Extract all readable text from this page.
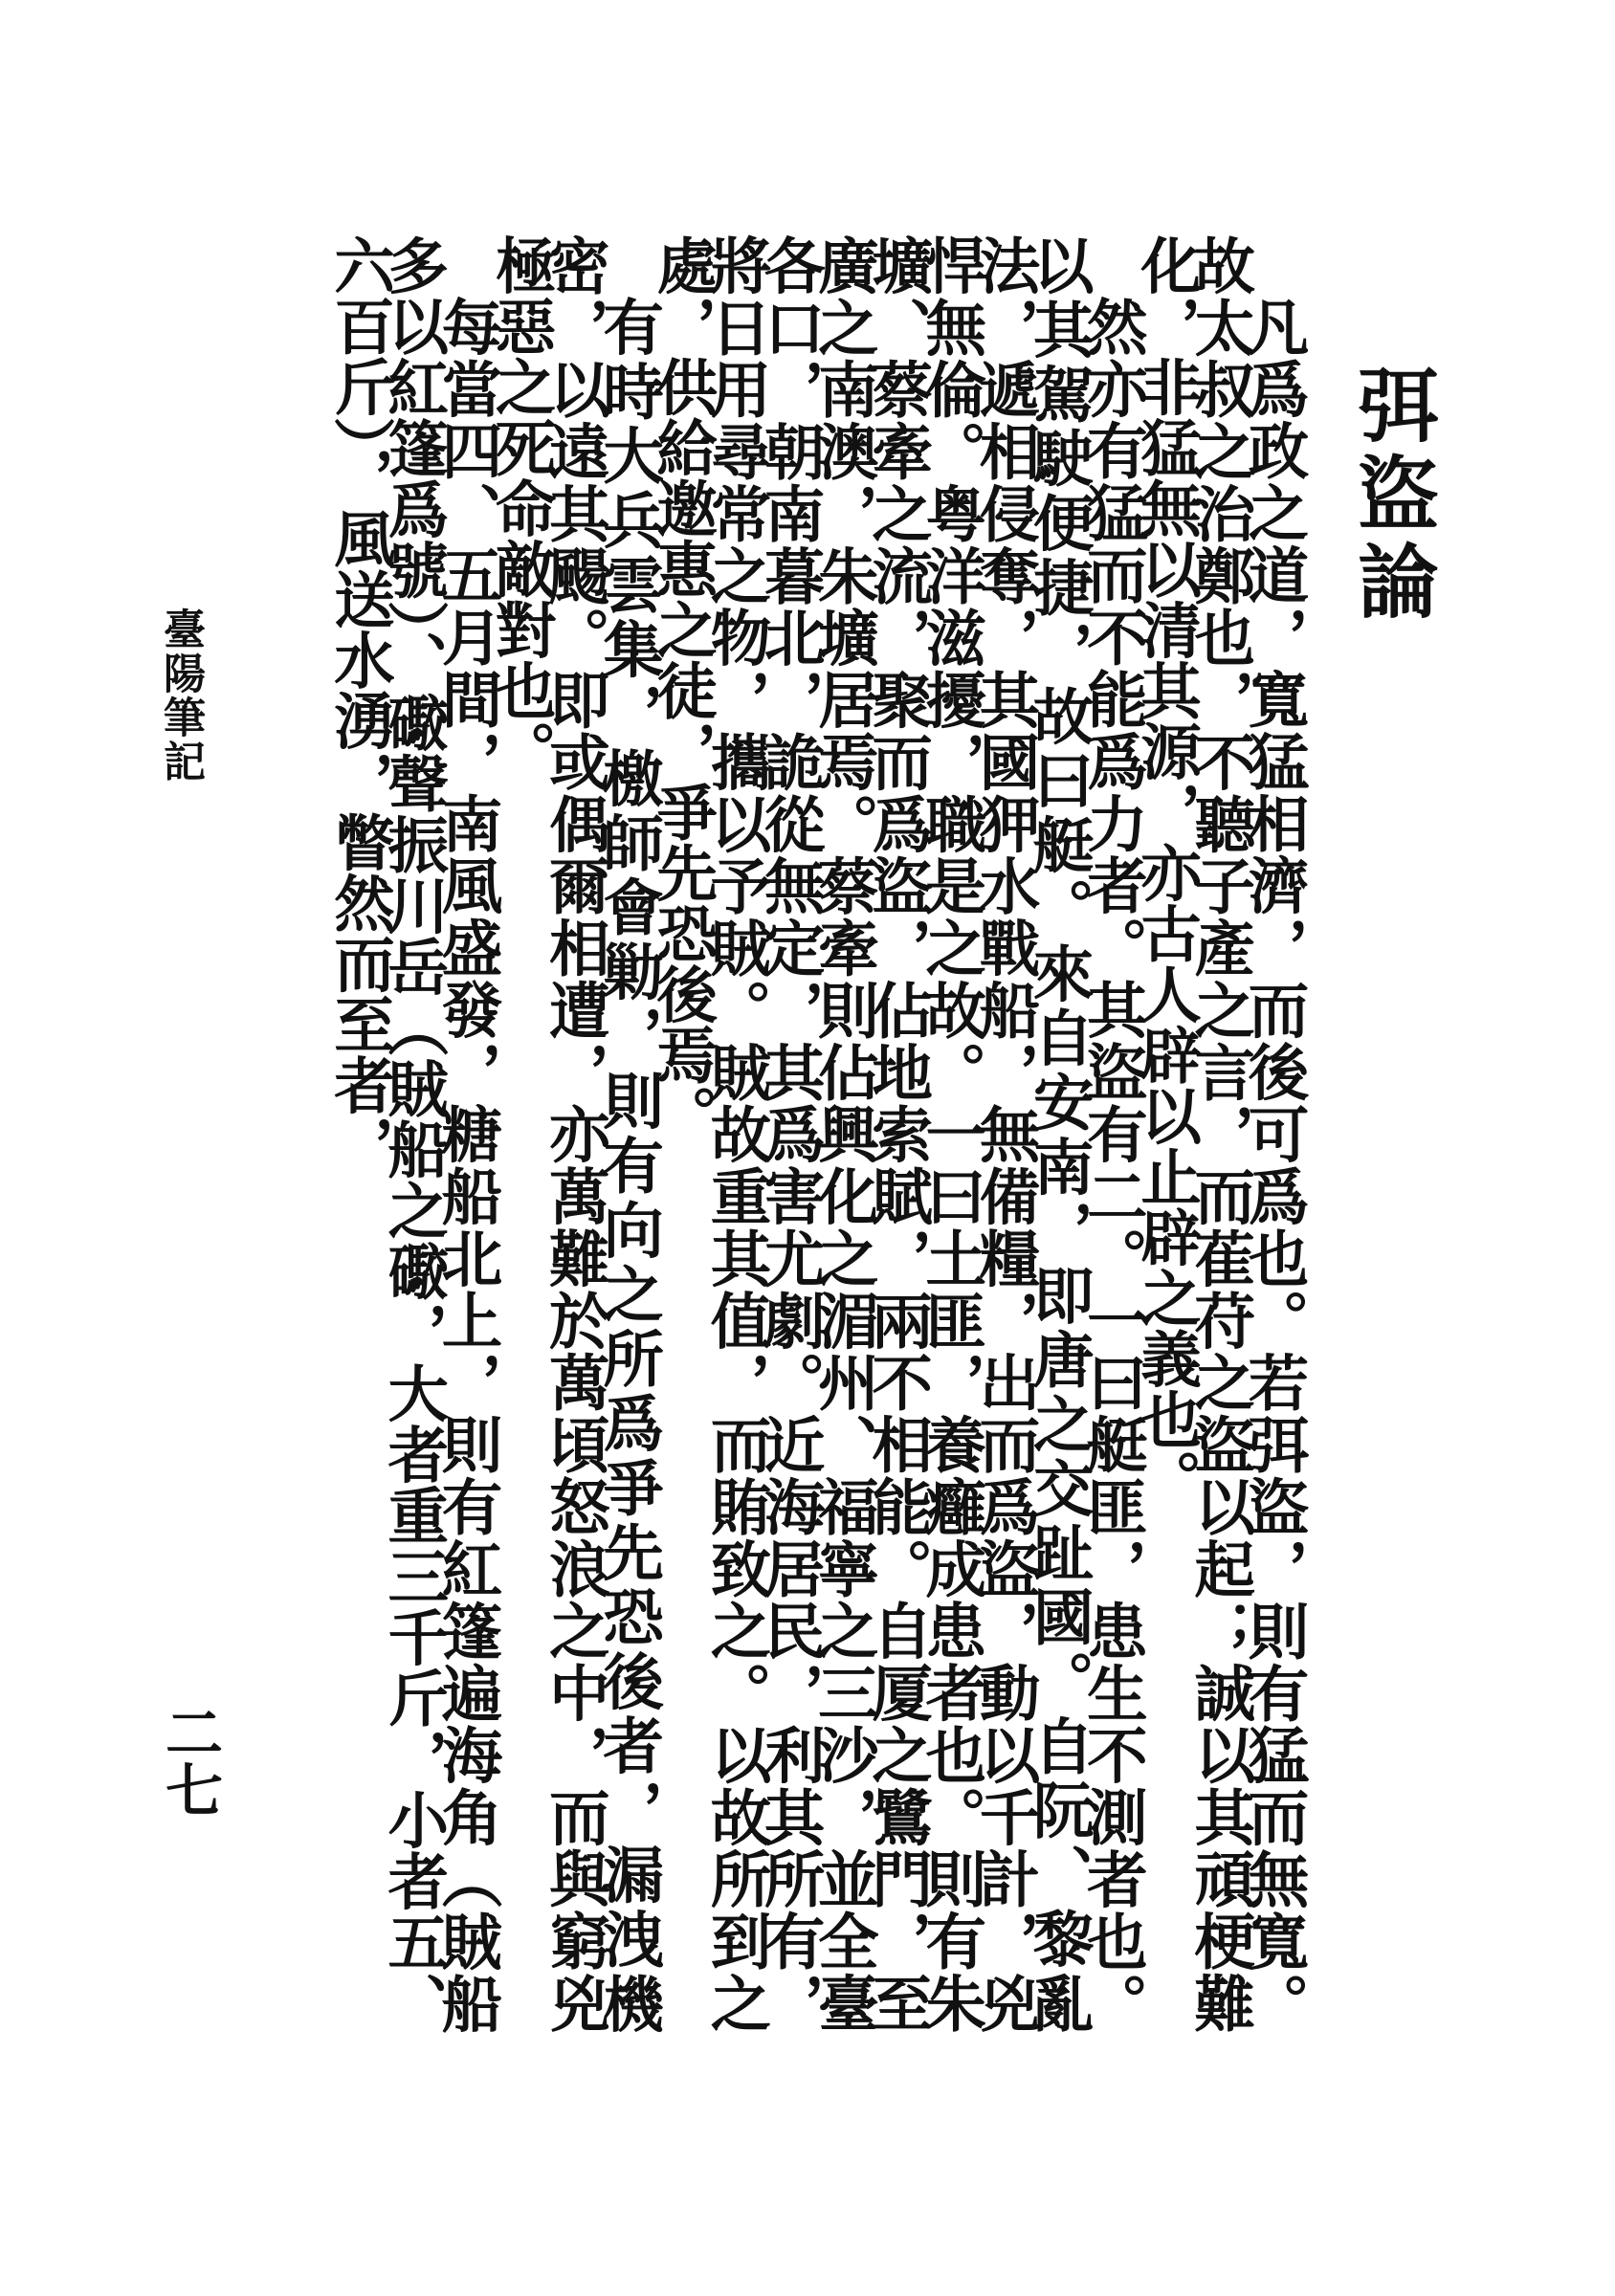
弭盜論

凡爲政之道，寬猛相濟，而後可爲也。若弭盜，則有猛而無寬。故太叔之治鄭也，不聽子產之言，而萑苻之盜以起；誠以其頑梗難化，非猛無以清其源，亦古人辟以止辟之義也。

然亦有猛而不能爲力者。其盜有二。一曰艇匪，患生不測者也。以其駕駛便捷，故曰艇。來自安南，即唐之交趾國。自阮、黎亂法，遞相侵奪，其國狎水戰船，無備糧，出而爲盜，動以千計，兇悍無倫。粤洋滋擾，職是之故。一曰土匪，養癰成患者也。則有朱壙、蔡牽之流，聚而爲盜，佔地索賦，兩不相能。自厦之鷺門，至廣之南澳，朱壙居焉。蔡牽則佔興化之湄州、福寧之三沙，並全臺各口，朝南暮北，詭從無定，其爲害尤劇。近海居民，利其所有，將日用尋常之物，攜以予賊。賊故重其值，而賄致之。以故所到之處，供給邀惠之徒，爭先恐後焉。

有時大兵雲集，檄師會勦，則有向之所爲爭先恐後者，漏洩機密，以遠其颺。即或偶爾相遭，亦萬難於萬頃怒浪之中，而與窮兇極惡之死命敵對也。

每當四、五月間，南風盛發，糖船北上，則有紅篷遍海角（賊船多以紅篷爲號）、礮聲振川岳（賊船之礮，大者重三千斤，小者五、六百斤），風送水湧，瞥然而至者，

臺陽筆記
二七
